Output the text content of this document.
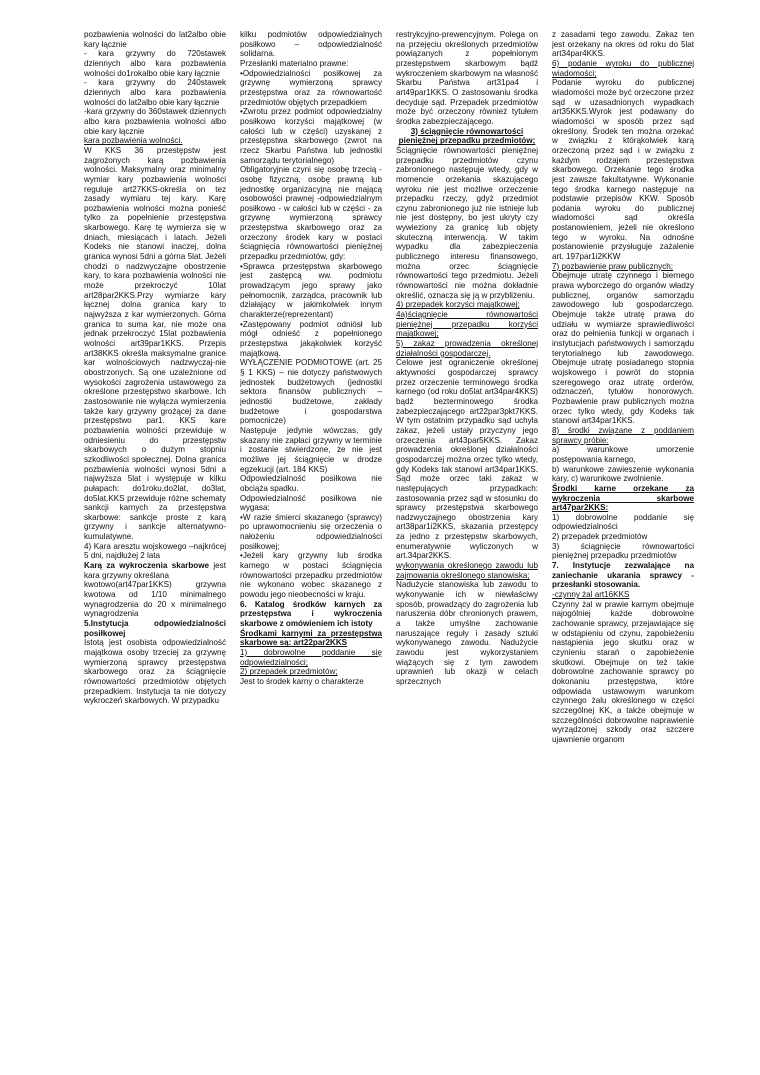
pozbawienia wolności do lat2albo obie kary łącznie

- kara grzywny do 720stawek dziennych albo kara pozbawienia wolności do1rokalbo obie kary łącznie

- kara grzywny do 240stawek dziennych albo kara pozbawienia wolności do lat2albo obie kary łącznie

-kara grzywny do 360stawek dziennych albo kara pozbawienia wolności albo obie kary łącznie

kara pozbawienia wolności.

W KKS 36 przestępstw jest zagrożonych karą pozbawienia wolności. Maksymalny oraz minimalny wymiar kary pozbawienia wolności reguluje art27KKS-określa on tez zasady wymiaru tej kary. Karę pozbawienia wolności można ponieść tylko za popełnienie przestępstwa skarbowego. Karę tę wymierza się w dniach, miesiącach i latach. Jeżeli Kodeks nie stanowi inaczej, dolna granica wynosi 5dni a górna 5lat. Jeżeli chodzi o nadzwyczajne obostrzenie kary, to kara pozbawienia wolności nie może przekroczyć 10lat art28par2KKS.Przy wymiarze kary łącznej dolna granica kary to najwyższa z kar wymierzonych. Górna granica to suma kar, nie może ona jednak przekroczyć 15lat pozbawienia wolności art39par1KKS. Przepis art38KKS określa maksymalne granice kar wolnościowych nadzwyczaj-nie obostrzonych. Są one uzależnione od wysokości zagrożenia ustawowego za określone przestępstwo skarbowe. Ich zastosowanie nie wyłącza wymierzenia także kary grzywny grożącej za dane przestępstwo par1. KKS kare pozbawienia wolności przewiduje w odniesieniu do przestępstw skarbowych o dużym stopniu szkodliwości społecznej. Dolna granica pozbawienia wolności wynosi 5dni a najwyższa 5lat i występuje w kilku pułapach: do1roku,do2lat, do3lat, do5lat.KKS przewiduje różne schematy sankcji karnych za przestępstwa skarbowe: sankcje proste z karą grzywny i sankcje alternatywno-kumulatywne.

4) Kara aresztu wojskowego –najkrócej 5 dni, najdłużej 2 lata

Karą za wykroczenia skarbowe jest kara grzywny określana

kwotowo(art47par1KKS) grzywna kwotowa od 1/10 minimalnego wynagrodzenia do 20 x minimalnego wynagrodzenia

5.Instytucja odpowiedzialności posiłkowej

Istotą jest osobista odpowiedzialność majątkowa osoby trzeciej za grzywnę wymierzoną sprawcy przestępstwa skarbowego oraz za ściągnięcie równowartości przedmiotów objętych przepadkiem. Instytucja ta nie dotyczy wykroczeń skarbowych. W przypadku

kilku podmiotów odpowiedzialnych posiłkowo – odpowiedzialność solidarna.

Przesłanki materialno prawne:

•Odpowiedzialności posiłkowej za grzywnę wymierzoną sprawcy przestępstwa oraz za równowartość przedmiotów objętych przepadkiem

•Zwrotu przez podmiot odpowiedzialny posiłkowo korzyści majątkowej (w całości lub w części) uzyskanej z przestępstwa skarbowego (zwrot na rzecz Skarbu Państwa lub jednostki samorządu terytorialnego)

Obligatoryjnie czyni się osobę trzecią - osobę fizyczną, osobę prawną lub jednostkę organizacyjną nie mającą osobowości prawnej -odpowiedzialnym posiłkowo - w całości lub w części - za grzywnę wymierzoną sprawcy przestępstwa skarbowego oraz za orzeczony środek kary w postaci ściągnięcia równowartości pieniężnej przepadku przedmiotów, gdy:

•Sprawca przestępstwa skarbowego jest zastępcą ww. podmiotu prowadzącym jego sprawy jako pełnomocnik, zarządca, pracownik lub działający w jakimkolwiek innym charakterze(reprezentant)

•Zastępowany podmiot odniósł lub mógł odnieść z popełnionego przestępstwa jakąkolwiek korzyść majątkową.

WYŁĄCZENIE PODMIOTOWE (art. 25 § 1 KKS) – nie dotyczy państwowych jednostek budżetowych (jednostki sektora finansów publicznych – jednostki budżetowe, zakłady budżetowe i gospodarstwa pomocnicze)

Następuje jedynie wówczas, gdy skazany nie zapłaci grzywny w terminie i zostanie stwierdzone, że nie jest możliwe jej ściągnięcie w drodze egzekucji (art. 184 KKS)

Odpowiedzialność posiłkowa nie obciąża spadku.

Odpowiedzialność posiłkowa nie wygasa:

•W razie śmierci skazanego (sprawcy) po uprawomocnieniu się orzeczenia o nałożeniu odpowiedzialności posiłkowej;

•Jeżeli kary grzywny lub środka karnego w postaci ściągnięcia równowartości przepadku przedmiotów nie wykonano wobec skazanego z powodu jego nieobecności w kraju.

6. Katalog środków karnych za przestępstwa i wykroczenia skarbowe z omówieniem ich istoty

Środkami karnymi za przestępstwa skarbowe są: art22par2KKS

1) dobrowolne poddanie się odpowiedzialności;

2) przepadek przedmiotów;

Jest to środek karny o charakterze

restrykcyjno-prewencyjnym. Polega on na przejęciu określonych przedmiotów powiązanych z popełnionym przestępstwem skarbowym bądź wykroczeniem skarbowym na własność Skarbu Państwa art31pa4 i art49par1KKS. O zastosowaniu środka decyduje sąd. Przepadek przedmiotów może być orzeczony również tytułem środka zabezpieczającego.

3) ściągnięcie równowartości pieniężnej przepadku przedmiotów;

Ściągnięcie równowartości pieniężnej przepadku przedmiotów czynu zabronionego następuje wtedy, gdy w momencie orzekania skazującego wyroku nie jest możliwe orzeczenie przepadku rzeczy, gdyż przedmiot czynu zabronionego już nie istnieje lub nie jest dostępny, bo jest ukryty czy wywieziony za granicę lub objęty skuteczną interwencją. W takim wypadku dla zabezpieczenia publicznego interesu finansowego, można orzec ściągnięcie równowartości tego przedmiotu. Jeżeli równowartości nie można dokładnie określić, oznacza się ją w przybliżeniu.

4) przepadek korzyści majątkowej;

4a)ściągnięcie równowartości pieniężnej przepadku korzyści majątkowej;

5) zakaz prowadzenia określonej działalności gospodarczej.

Celowe jest ograniczenie określonej aktywności gospodarczej sprawcy przez orzeczenie terminowego środka karnego (od roku do5lat art34par4KKS) bądź bezterminowego środka zabezpieczającego art22par3pkt7KKS. W tym ostatnim przypadku sąd uchyla zakaz, jeżeli ustały przyczyny jego orzeczenia art43par5KKS. Zakaz prowadzenia określonej działalności gospodarczej można orzec tylko wtedy, gdy Kodeks tak stanowi art34par1KKS. Sąd może orzec taki zakaz w następujących przypadkach: zastosowania przez sąd w stosunku do sprawcy przestępstwa skarbowego nadzwyczajnego obostrzenia kary art38par1i2KKS, skazania przestępcy za jedno z przestępstw skarbowych, enumeratywnie wyliczonych w art.34par2KKS.

wykonywania określonego zawodu lub zajmowania określonego stanowiska;

Nadużycie stanowiska lub zawodu to wykonywanie ich w niewłaściwy sposób, prowadzący do zagrożenia lub naruszenia dóbr chronionych prawem, a także umyślne zachowanie naruszające reguły i zasady sztuki wykonywanego zawodu. Nadużycie zawodu jest wykorzystaniem wiążących się z tym zawodem uprawnień lub okazji w celach sprzecznych

z zasadami tego zawodu. Zakaz ten jest orzekany na okres od roku do 5lat art34par4KKS.

6) podanie wyroku do publicznej wiadomości;

Podanie wyroku do publicznej wiadomości może być orzeczone przez sąd w uzasadnionych wypadkach art35KKS.Wyrok jest podawany do wiadomości w sposób przez sąd określony. Środek ten można orzekać w związku z którąkolwiek karą orzeczoną przez sąd i w związku z każdym rodzajem przestępstwa skarbowego. Orzekanie tego środka jest zawsze fakultatywne. Wykonanie tego środka karnego następuje na podstawie przepisów KKW. Sposób podania wyroku do publicznej wiadomości sąd określa postanowieniem, jeżeli nie określono tego w wyroku. Na odnośne postanowienie przysługuje zażalenie art. 197par1i2KKW

7) pozbawienie praw publicznych;

Obejmuje utratę czynnego i biernego prawa wyborczego do organów władzy publicznej, organów samorządu zawodowego lub gospodarczego. Obejmuje także utratę prawa do udziału w wymiarze sprawiedliwości oraz do pełnienia funkcji w organach i instytucjach państwowych i samorządu terytorialnego lub zawodowego. Obejmuje utratę posiadanego stopnia wojskowego i powrót do stopnia szeregowego oraz utratę orderów, odznaczeń, tytułów honorowych. Pozbawienie praw publicznych można orzec tylko wtedy, gdy Kodeks tak stanowi art34par1KKS.

8) środki związane z poddaniem sprawcy próbie:

a) warunkowe umorzenie postępowania karnego,

b) warunkowe zawieszenie wykonania kary, c) warunkowe zwolnienie.

Środki karne orzekane za wykroczenia skarbowe art47par2KKS:

1) dobrowolne poddanie się odpowiedzialności

2) przepadek przedmiotów

3) ściągnięcie równowartości pieniężnej przepadku przedmiotów

7. Instytucje zezwalające na zaniechanie ukarania sprawcy - przesłanki stosowania.

-czynny żal art16KKS

Czynny żal w prawie karnym obejmuje najogólniej każde dobrowolne zachowanie sprawcy, przejawiające się w odstąpieniu od czynu, zapobieżeniu nastąpienia jego skutku oraz w czynieniu starań o zapobieżenie skutkowi. Obejmuje on też takie dobrowolne zachowanie sprawcy po dokonaniu przestępstwa, które odpowiada ustawowym warunkom czynnego żalu określonego w części szczególnej KK, a także obejmuje w szczególności dobrowolne naprawienie wyrządzonej szkody oraz szczere ujawnienie organom
